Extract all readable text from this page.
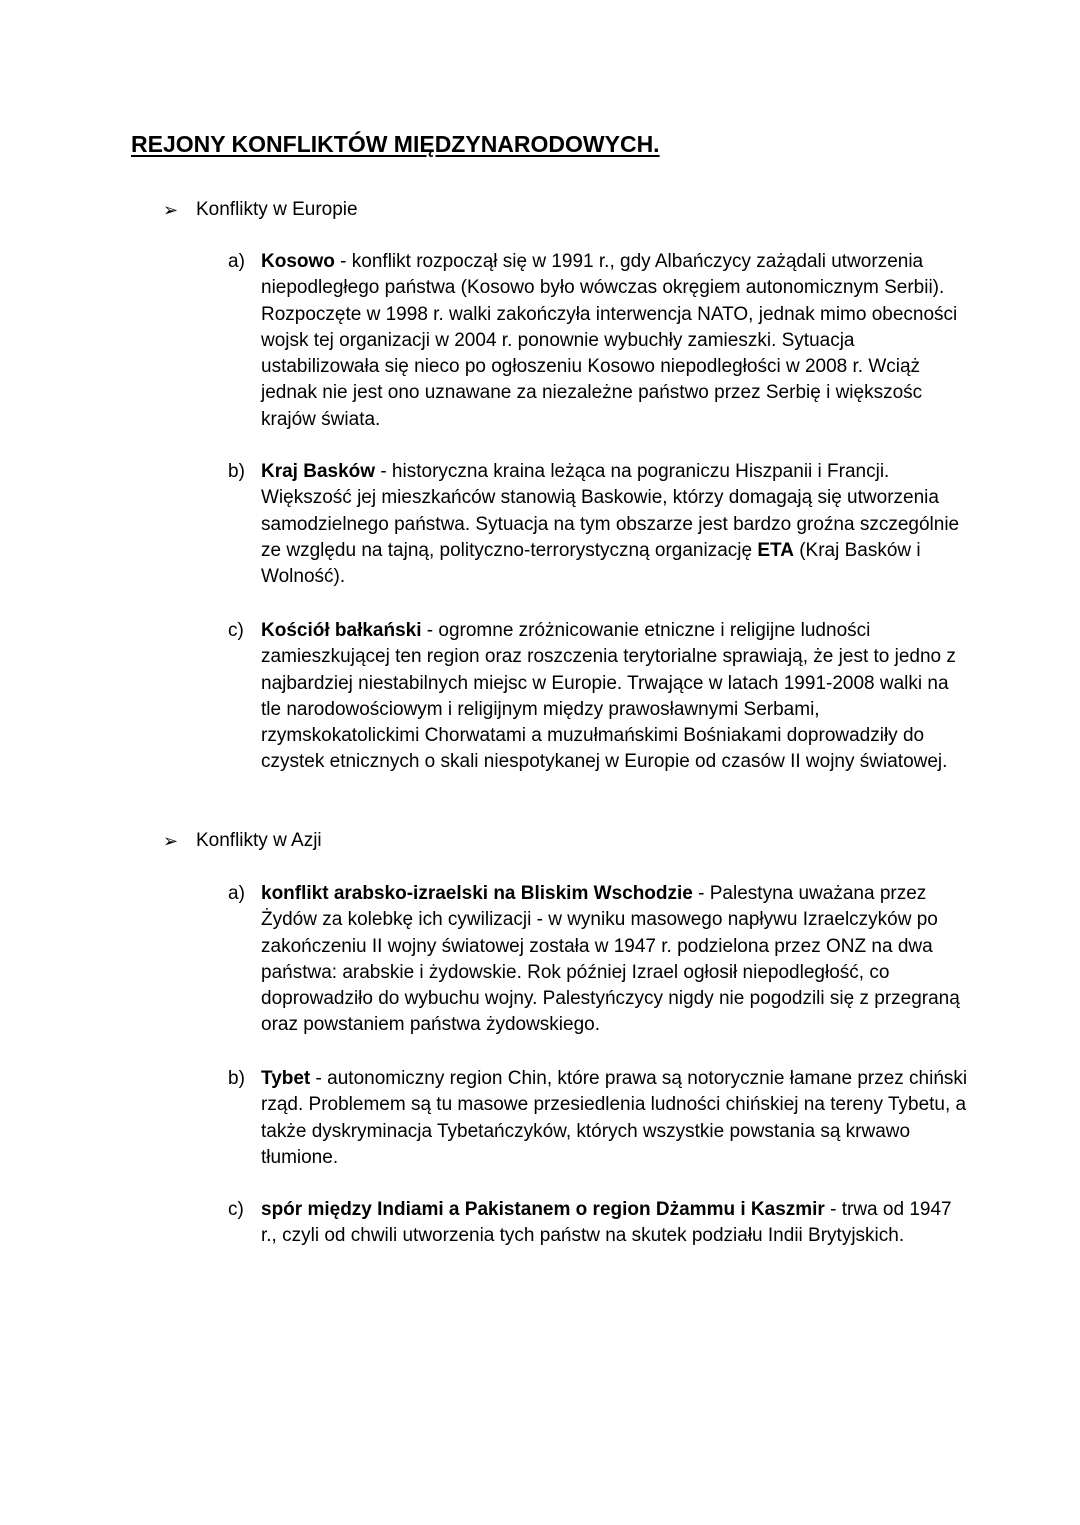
REJONY KONFLIKTÓW MIĘDZYNARODOWYCH.
➢ Konflikty w Europie
a) Kosowo - konflikt rozpoczął się w 1991 r., gdy Albańczycy zażądali utworzenia niepodległego państwa (Kosowo było wówczas okręgiem autonomicznym Serbii). Rozpoczęte w 1998 r. walki zakończyła interwencja NATO, jednak mimo obecności wojsk tej organizacji w 2004 r. ponownie wybuchły zamieszki. Sytuacja ustabilizowała się nieco po ogłoszeniu Kosowo niepodległości w 2008 r. Wciąż jednak nie jest ono uznawane za niezależne państwo przez Serbię i większośc krajów świata.
b) Kraj Basków - historyczna kraina leżąca na pograniczu Hiszpanii i Francji. Większość jej mieszkańców stanowią Baskowie, którzy domagają się utworzenia samodzielnego państwa. Sytuacja na tym obszarze jest bardzo groźna szczególnie ze względu na tajną, polityczno-terrorystyczną organizację ETA (Kraj Basków i Wolność).
c) Kościół bałkański - ogromne zróżnicowanie etniczne i religijne ludności zamieszkującej ten region oraz roszczenia terytorialne sprawiają, że jest to jedno z najbardziej niestabilnych miejsc w Europie. Trwające w latach 1991-2008 walki na tle narodowościowym i religijnym między prawosławnymi Serbami, rzymskokatolickimi Chorwatami a muzułmańskimi Bośniakami doprowadziły do czystek etnicznych o skali niespotykanej w Europie od czasów II wojny światowej.
➢ Konflikty w Azji
a) konflikt arabsko-izraelski na Bliskim Wschodzie - Palestyna uważana przez Żydów za kolebkę ich cywilizacji - w wyniku masowego napływu Izraelczyków po zakończeniu II wojny światowej została w 1947 r. podzielona przez ONZ na dwa państwa: arabskie i żydowskie. Rok później Izrael ogłosił niepodległość, co doprowadziło do wybuchu wojny. Palestyńczycy nigdy nie pogodzili się z przegraną oraz powstaniem państwa żydowskiego.
b) Tybet - autonomiczny region Chin, które prawa są notorycznie łamane przez chiński rząd. Problemem są tu masowe przesiedlenia ludności chińskiej na tereny Tybetu, a także dyskryminacja Tybetańczyków, których wszystkie powstania są krwawo tłumione.
c) spór między Indiami a Pakistanem o region Dżammu i Kaszmir - trwa od 1947 r., czyli od chwili utworzenia tych państw na skutek podziału Indii Brytyjskich.
